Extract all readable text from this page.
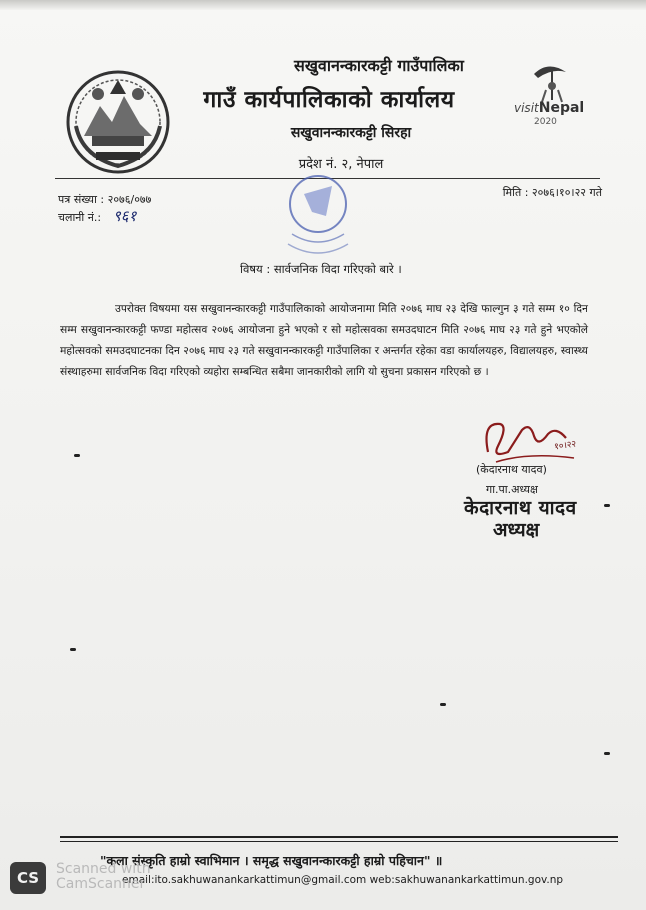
visitNepal
2020
सखुवानन्कारकट्टी गाउँपालिका
गाउँ कार्यपालिकाको कार्यालय
सखुवानन्कारकट्टी सिरहा
प्रदेश नं. २, नेपाल
पत्र संख्या : २०७६/०७७
चलानी नं.: ९६१
मिति : २०७६।१०।२२ गते
विषय : सार्वजनिक विदा गरिएको बारे ।
उपरोक्त विषयमा यस सखुवानन्कारकट्टी गाउँपालिकाको आयोजनामा मिति २०७६ माघ २३ देखि फाल्गुन ३ गते सम्म १० दिन सम्म सखुवानन्कारकट्टी फण्डा महोत्सव २०७६ आयोजना हुने भएको र सो महोत्सवका समउदघाटन मिति २०७६ माघ २३ गते हुने भएकोले महोत्सवको समउदघाटनका दिन २०७६ माघ २३ गते सखुवानन्कारकट्टी गाउँपालिका र अन्तर्गत रहेका वडा कार्यालयहरु, विद्यालयहरु, स्वास्थ्य संस्थाहरुमा सार्वजनिक विदा गरिएको व्यहोरा सम्बन्धित सबैमा जानकारीको लागि यो सुचना प्रकासन गरिएको छ ।
१०।२२
(केदारनाथ यादव)
गा.पा.अध्यक्ष
केदारनाथ यादव
अध्यक्ष
"कला संस्कृति हाम्रो स्वाभिमान । समृद्ध सखुवानन्कारकट्टी हाम्रो पहिचान" ॥
email:ito.sakhuwanankarkattimun@gmail.com web:sakhuwanankarkattimun.gov.np
CS	Scanned with
CamScanner
